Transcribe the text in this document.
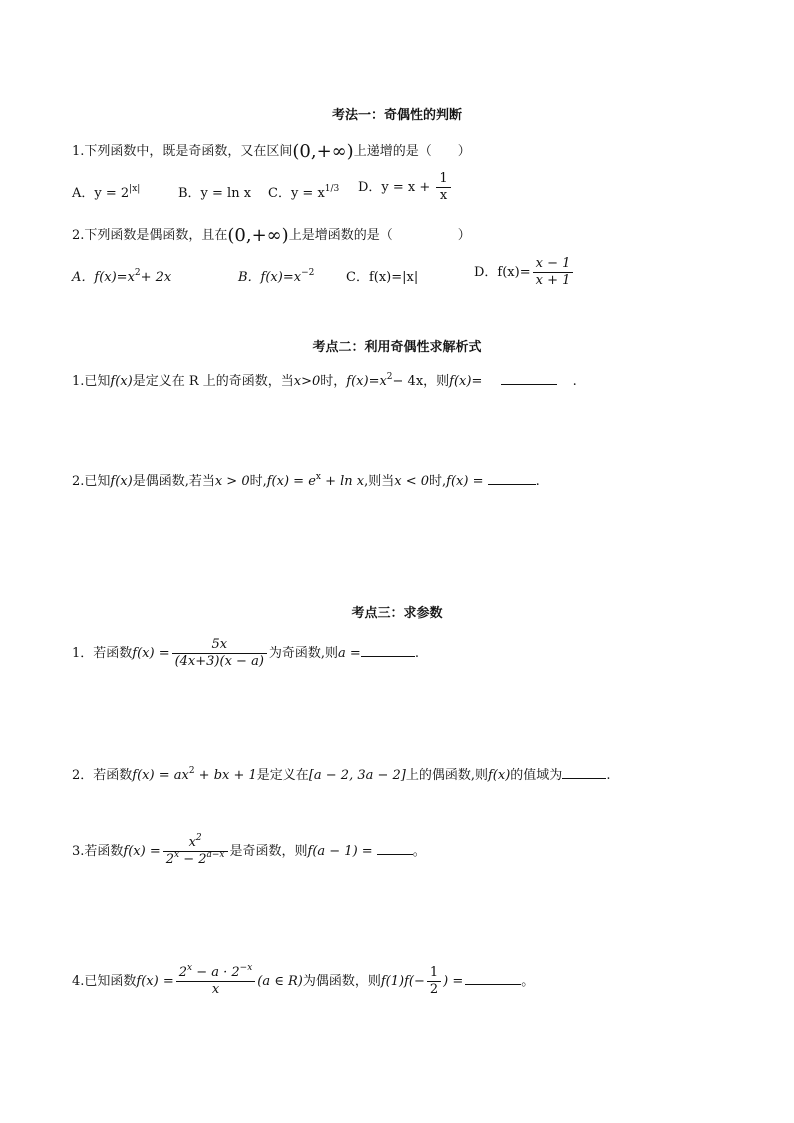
考法一：奇偶性的判断
1.下列函数中，既是奇函数，又在区间(0,+∞)上递增的是（　　）
A．$y = 2^{|x|}$	B．y = ln x C．$y = x^{1/3}$ D．$y = x + \frac{1}{x}$
2.下列函数是偶函数，且在(0,+∞)上是增函数的是（　　　　　）
A．$f(x)=x^2+ 2x$	B．$f(x)=x^{-2}$ C．f(x)=|x|	D．$f(x)= \frac{x - 1}{x + 1}$
考点二：利用奇偶性求解析式
1.已知f(x)是定义在 R 上的奇函数，当x>0时，$f(x)=x^2- 4x$，则f(x)=	.
2.已知f(x)是偶函数,若当x > 0时$,f(x) = e^x + \ln x$,则当x < 0时,f(x) =	.
考点三：求参数
1．若函数$f(x) = \frac{5x}{(4x+3)(x - a)}$ 为奇函数,则a =	.
2．若函数$f(x) = ax^2$ + bx + 1是定义在[a − 2, 3a − 2]上的偶函数,则f(x)的值域为	.
3.若函数$f(x) = \frac{x^2}{2^x - 2^{a-x}}$ 是奇函数，则f(a − 1) =	。
4.已知函数$f(x) = \frac{2^x - a \cdot 2^{-x}}{x} (a$ ∈ R)为偶函数，则$f(1)f(- \frac{1}{2}$ ) =	。
